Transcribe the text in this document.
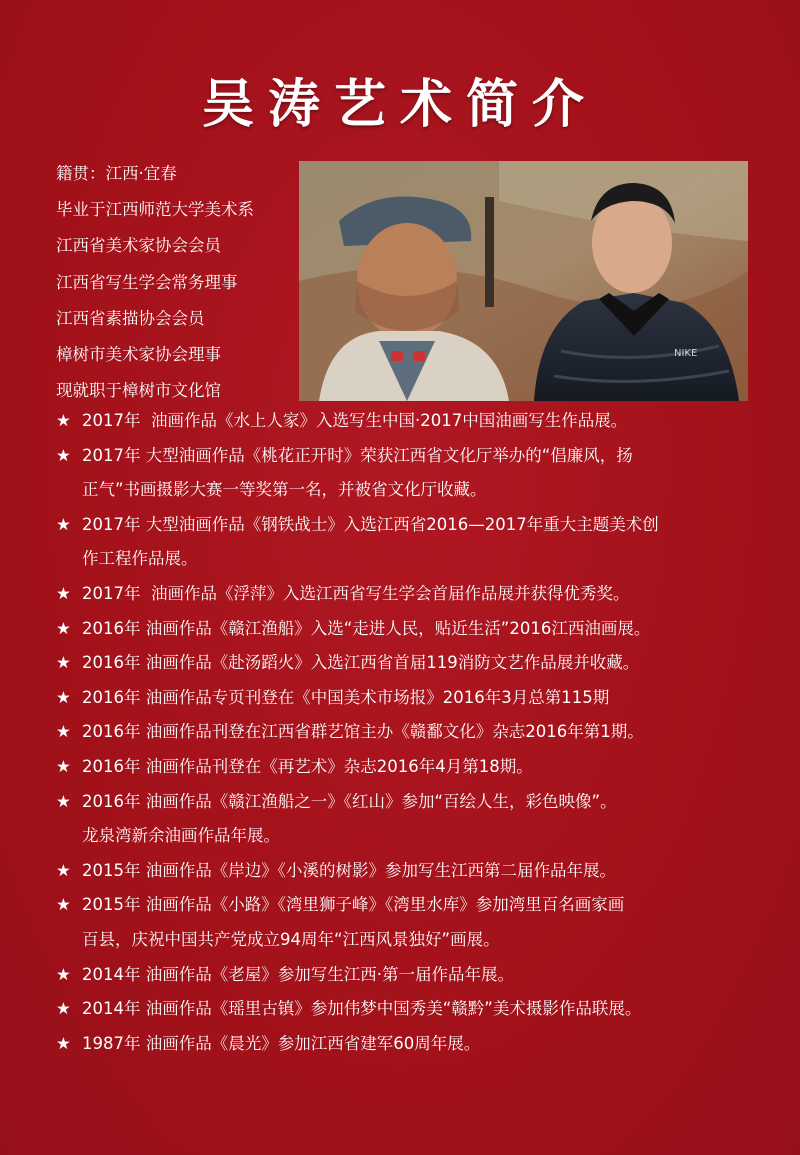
吴涛艺术简介
籍贯：江西·宜春
毕业于江西师范大学美术系
江西省美术家协会会员
江西省写生学会常务理事
江西省素描协会会员
樟树市美术家协会理事
现就职于樟树市文化馆
NIKE
★ 2017年  油画作品《水上人家》入选写生中国·2017中国油画写生作品展。
★ 2017年 大型油画作品《桃花正开时》荣获江西省文化厅举办的“倡廉风，扬
正气”书画摄影大赛一等奖第一名，并被省文化厅收藏。
★ 2017年 大型油画作品《钢铁战士》入选江西省2016—2017年重大主题美术创
作工程作品展。
★ 2017年  油画作品《浮萍》入选江西省写生学会首届作品展并获得优秀奖。
★ 2016年 油画作品《赣江渔船》入选“走进人民，贴近生活”2016江西油画展。
★ 2016年 油画作品《赴汤蹈火》入选江西省首届119消防文艺作品展并收藏。
★ 2016年 油画作品专页刊登在《中国美术市场报》2016年3月总第115期
★ 2016年 油画作品刊登在江西省群艺馆主办《赣鄱文化》杂志2016年第1期。
★ 2016年 油画作品刊登在《再艺术》杂志2016年4月第18期。
★ 2016年 油画作品《赣江渔船之一》《红山》参加“百绘人生，彩色映像”。
龙泉湾新余油画作品年展。
★ 2015年 油画作品《岸边》《小溪的树影》参加写生江西第二届作品年展。
★ 2015年 油画作品《小路》《湾里狮子峰》《湾里水库》参加湾里百名画家画
百县，庆祝中国共产党成立94周年“江西风景独好”画展。
★ 2014年 油画作品《老屋》参加写生江西·第一届作品年展。
★ 2014年 油画作品《瑶里古镇》参加伟梦中国秀美“赣黔”美术摄影作品联展。
★ 1987年 油画作品《晨光》参加江西省建军60周年展。
